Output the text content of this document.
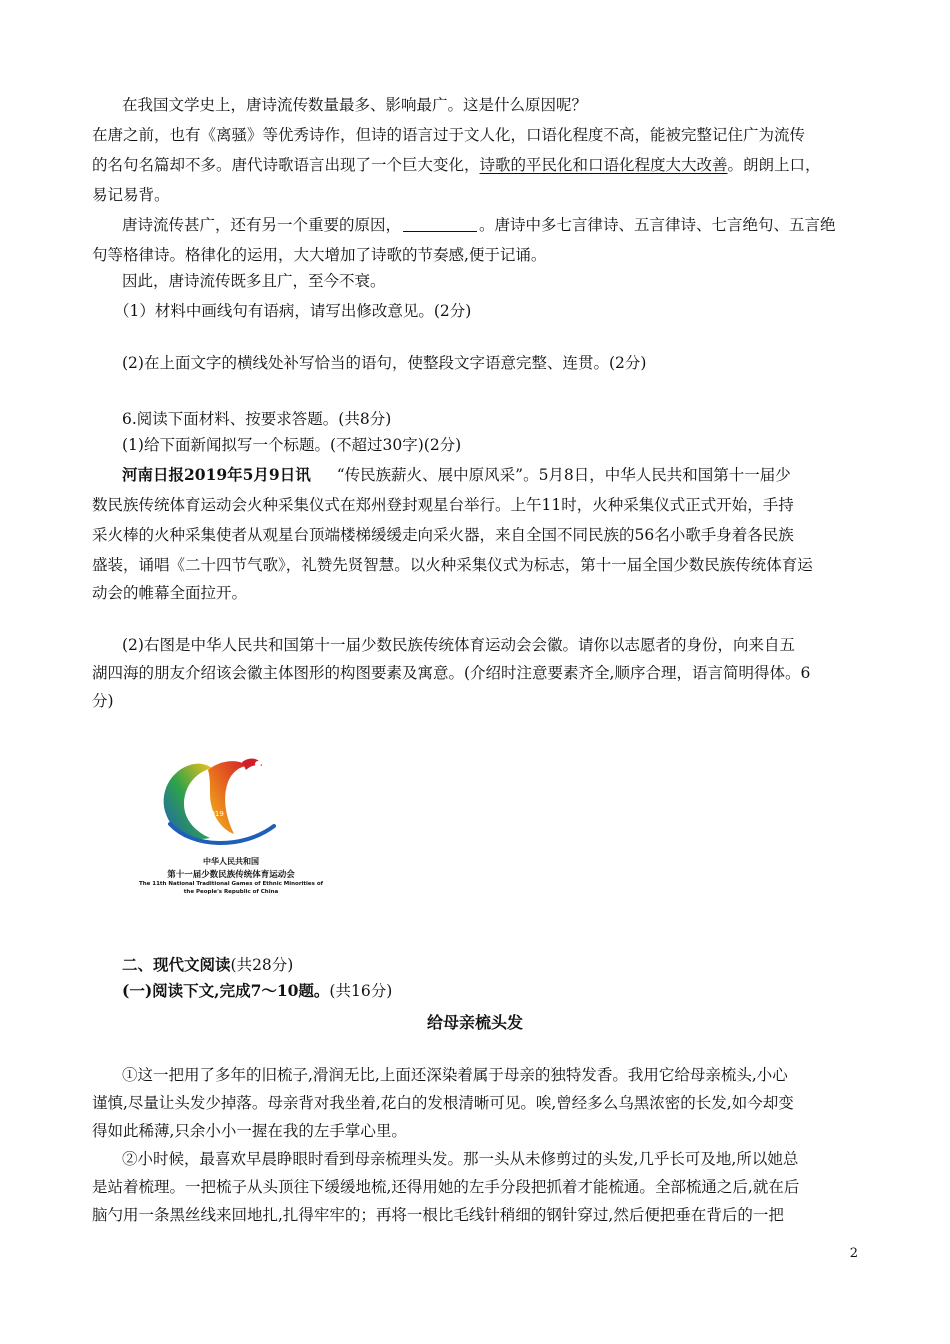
在我国文学史上，唐诗流传数量最多、影响最广。这是什么原因呢？
在唐之前，也有《离骚》等优秀诗作，但诗的语言过于文人化，口语化程度不高，能被完整记住广为流传
的名句名篇却不多。唐代诗歌语言出现了一个巨大变化，诗歌的平民化和口语化程度大大改善。朗朗上口，
易记易背。
唐诗流传甚广，还有另一个重要的原因，	。唐诗中多七言律诗、五言律诗、七言绝句、五言绝
句等格律诗。格律化的运用，大大增加了诗歌的节奏感,便于记诵。
因此，唐诗流传既多且广，至今不衰。
（1）材料中画线句有语病，请写出修改意见。(2分)
(2)在上面文字的横线处补写恰当的语句，使整段文字语意完整、连贯。(2分)
6.阅读下面材料、按要求答题。(共8分)
(1)给下面新闻拟写一个标题。(不超过30字)(2分)
河南日报2019年5月9日讯 “传民族薪火、展中原风采”。5月8日，中华人民共和国第十一届少
数民族传统体育运动会火种采集仪式在郑州登封观星台举行。上午11时，火种采集仪式正式开始，手持
采火棒的火种采集使者从观星台顶端楼梯缓缓走向采火器，来自全国不同民族的56名小歌手身着各民族
盛装，诵唱《二十四节气歌》，礼赞先贤智慧。以火种采集仪式为标志，第十一届全国少数民族传统体育运
动会的帷幕全面拉开。
(2)右图是中华人民共和国第十一届少数民族传统体育运动会会徽。请你以志愿者的身份，向来自五
湖四海的朋友介绍该会徽主体图形的构图要素及寓意。(介绍时注意要素齐全,顺序合理，语言简明得体。6
分)
2019
郑州
中华人民共和国
第十一届少数民族传统体育运动会
The 11th National Traditional Games of Ethnic Minorities of
the People's Republic of China
二、现代文阅读(共28分)
(一)阅读下文,完成7～10题。(共16分)
给母亲梳头发
①这一把用了多年的旧梳子,滑润无比,上面还深染着属于母亲的独特发香。我用它给母亲梳头,小心
谨慎,尽量让头发少掉落。母亲背对我坐着,花白的发根清晰可见。唉,曾经多么乌黑浓密的长发,如今却变
得如此稀薄,只余小小一握在我的左手掌心里。
②小时候，最喜欢早晨睁眼时看到母亲梳理头发。那一头从未修剪过的头发,几乎长可及地,所以她总
是站着梳理。一把梳子从头顶往下缓缓地梳,还得用她的左手分段把抓着才能梳通。全部梳通之后,就在后
脑勺用一条黑丝线来回地扎,扎得牢牢的；再将一根比毛线针稍细的钢针穿过,然后便把垂在背后的一把
2
